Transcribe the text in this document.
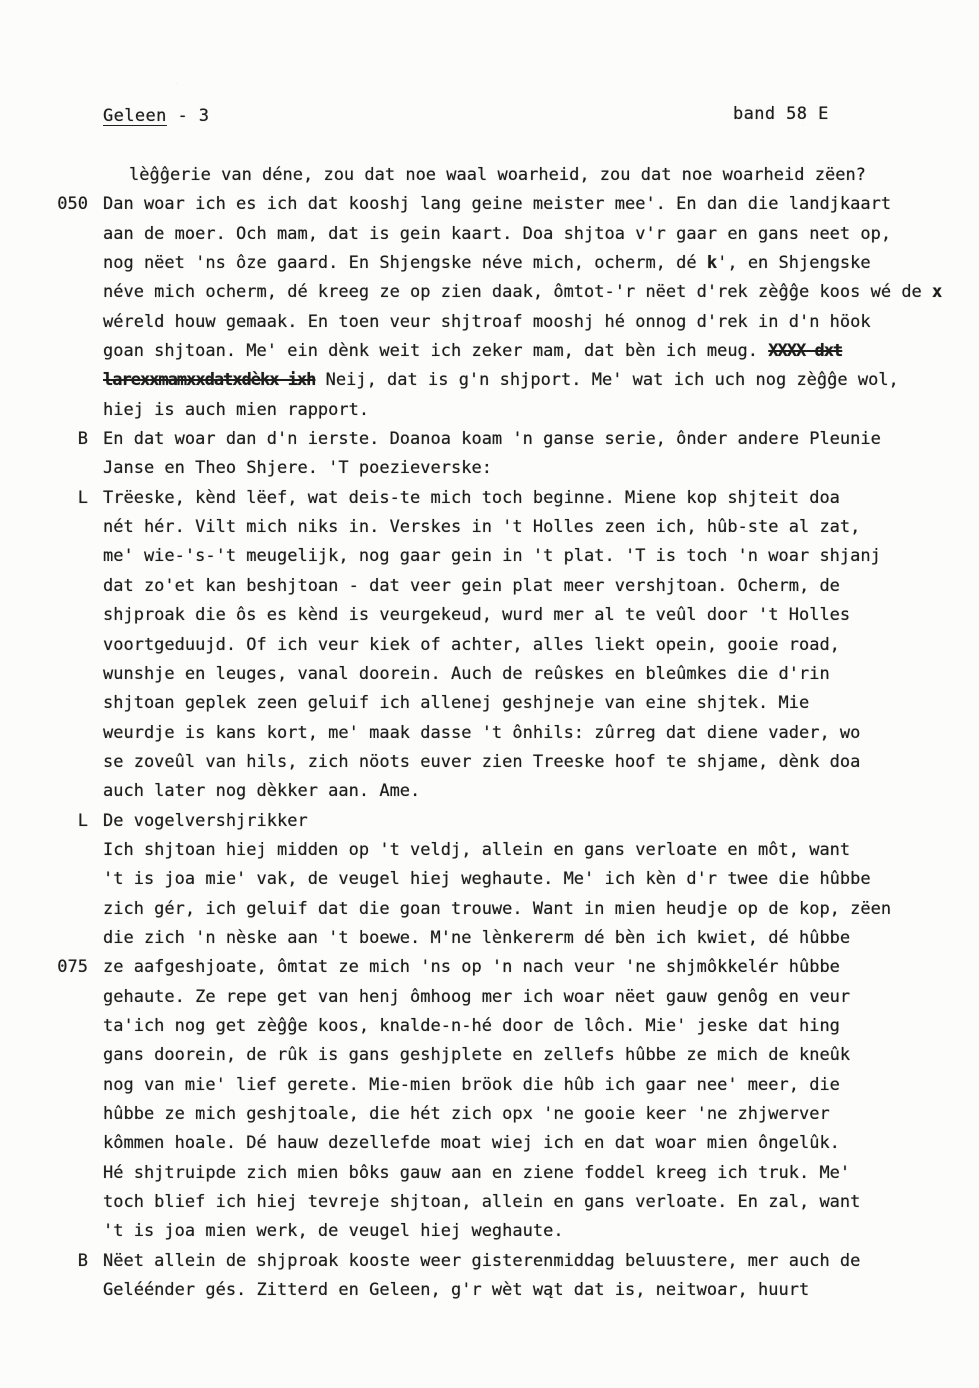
Geleen - 3	band 58 E
lèĝĝerie van déne, zou dat noe waal woarheid, zou dat noe woarheid zëen?
050 Dan woar ich es ich dat kooshj lang geine meister mee'. En dan die landjkaart
aan de moer. Och mam, dat is gein kaart. Doa shjtoa v'r gaar en gans neet op,
nog nëet 'ns ôze gaard. En Shjengske néve mich, ocherm, dé k', en Shjengske
néve mich ocherm, dé kreeg ze op zien daak, ômtot-'r nëet d'rek zèĝĝe koos wé de x
wéreld houw gemaak. En toen veur shjtroaf mooshj hé onnog d'rek in d'n höok
goan shjtoan. Me' ein dènk weit ich zeker mam, dat bèn ich meug. XXXX dxt
larexxmamxxdatxdèkx ixh Neij, dat is g'n shjport. Me' wat ich uch nog zèĝĝe wol,
hiej is auch mien rapport.
B En dat woar dan d'n ierste. Doanoa koam 'n ganse serie, ônder andere Pleunie
Janse en Theo Shjere. 'T poezieverske:
L Trëeske, kènd lëef, wat deis-te mich toch beginne. Miene kop shjteit doa
nét hér. Vilt mich niks in. Verskes in 't Holles zeen ich, hûb-ste al zat,
me' wie-'s-'t meugelijk, nog gaar gein in 't plat. 'T is toch 'n woar shjanj
dat zo'et kan beshjtoan - dat veer gein plat meer vershjtoan. Ocherm, de
shjproak die ôs es kènd is veurgekeud, wurd mer al te veûl door 't Holles
voortgeduujd. Of ich veur kiek of achter, alles liekt opein, gooie road,
wunshje en leuges, vanal doorein. Auch de reûskes en bleûmkes die d'rin
shjtoan geplek zeen geluif ich allenej geshjneje van eine shjtek. Mie
weurdje is kans kort, me' maak dasse 't ônhils: zûrreg dat diene vader, wo
se zoveûl van hils, zich nöots euver zien Treeske hoof te shjame, dènk doa
auch later nog dèkker aan. Ame.
L De vogelvershjrikker
Ich shjtoan hiej midden op 't veldj, allein en gans verloate en môt, want
't is joa mie' vak, de veugel hiej weghaute. Me' ich kèn d'r twee die hûbbe
zich gér, ich geluif dat die goan trouwe. Want in mien heudje op de kop, zëen
die zich 'n nèske aan 't boewe. M'ne lènkererm dé bèn ich kwiet, dé hûbbe
075 ze aafgeshjoate, ômtat ze mich 'ns op 'n nach veur 'ne shjmôkkelér hûbbe
gehaute. Ze repe get van henj ômhoog mer ich woar nëet gauw genôg en veur
ta'ich nog get zèĝĝe koos, knalde-n-hé door de lôch. Mie' jeske dat hing
gans doorein, de rûk is gans geshjplete en zellefs hûbbe ze mich de kneûk
nog van mie' lief gerete. Mie-mien bröok die hûb ich gaar nee' meer, die
hûbbe ze mich geshjtoale, die hét zich opx 'ne gooie keer 'ne zhjwerver
kômmen hoale. Dé hauw dezellefde moat wiej ich en dat woar mien ôngelûk.
Hé shjtruipde zich mien bôks gauw aan en ziene foddel kreeg ich truk. Me'
toch blief ich hiej tevreje shjtoan, allein en gans verloate. En zal, want
't is joa mien werk, de veugel hiej weghaute.
B Nëet allein de shjproak kooste weer gisterenmiddag beluustere, mer auch de
Geléénder gés. Zitterd en Geleen, g'r wèt wąt dat is, neitwoar, huurt
